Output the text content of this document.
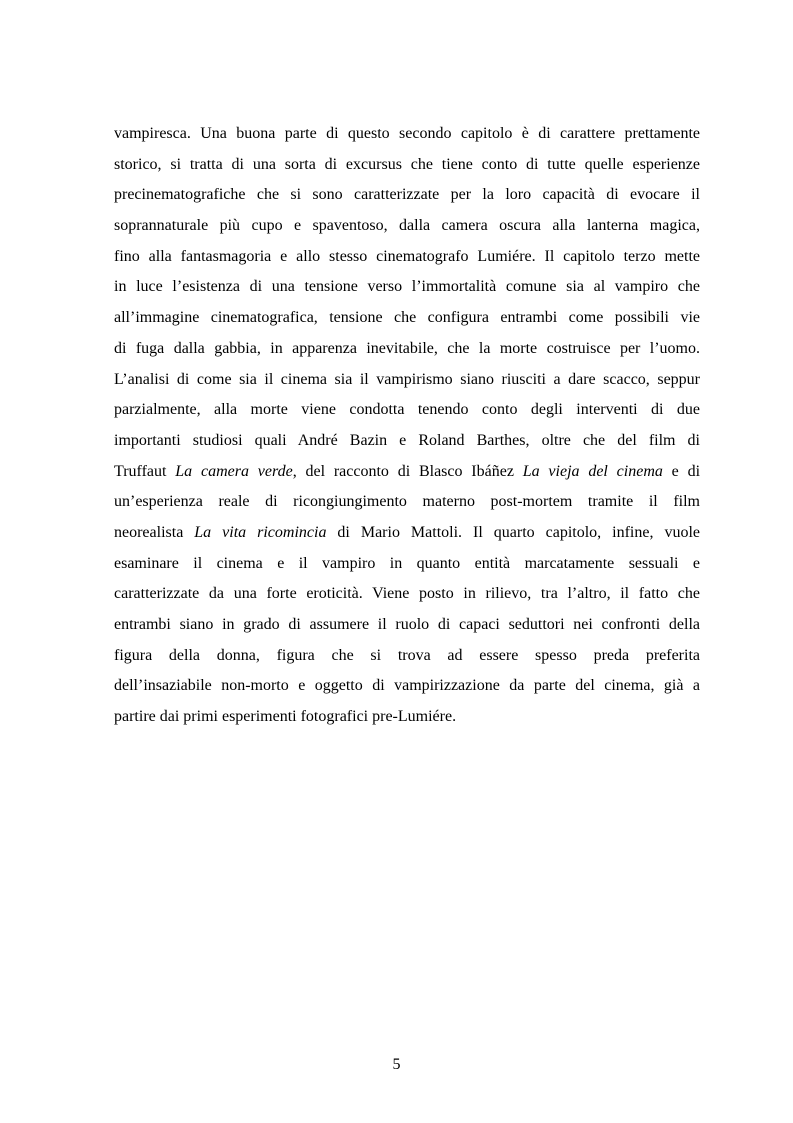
vampiresca. Una buona parte di questo secondo capitolo è di carattere prettamente
storico, si tratta di una sorta di excursus che tiene conto di tutte quelle esperienze
precinematografiche che si sono caratterizzate per la loro capacità di evocare il
soprannaturale più cupo e spaventoso, dalla camera oscura alla lanterna magica,
fino alla fantasmagoria e allo stesso cinematografo Lumiére. Il capitolo terzo mette
in luce l’esistenza di una tensione verso l’immortalità comune sia al vampiro che
all’immagine cinematografica, tensione che configura entrambi come possibili vie
di fuga dalla gabbia, in apparenza inevitabile, che la morte costruisce per l’uomo.
L’analisi di come sia il cinema sia il vampirismo siano riusciti a dare scacco, seppur
parzialmente, alla morte viene condotta tenendo conto degli interventi di due
importanti studiosi quali André Bazin e Roland Barthes, oltre che del film di
Truffaut La camera verde, del racconto di Blasco Ibáñez La vieja del cinema e di
un’esperienza reale di ricongiungimento materno post-mortem tramite il film
neorealista La vita ricomincia di Mario Mattoli. Il quarto capitolo, infine, vuole
esaminare il cinema e il vampiro in quanto entità marcatamente sessuali e
caratterizzate da una forte eroticità. Viene posto in rilievo, tra l’altro, il fatto che
entrambi siano in grado di assumere il ruolo di capaci seduttori nei confronti della
figura della donna, figura che si trova ad essere spesso preda preferita
dell’insaziabile non-morto e oggetto di vampirizzazione da parte del cinema, già a
partire dai primi esperimenti fotografici pre-Lumiére.
5
